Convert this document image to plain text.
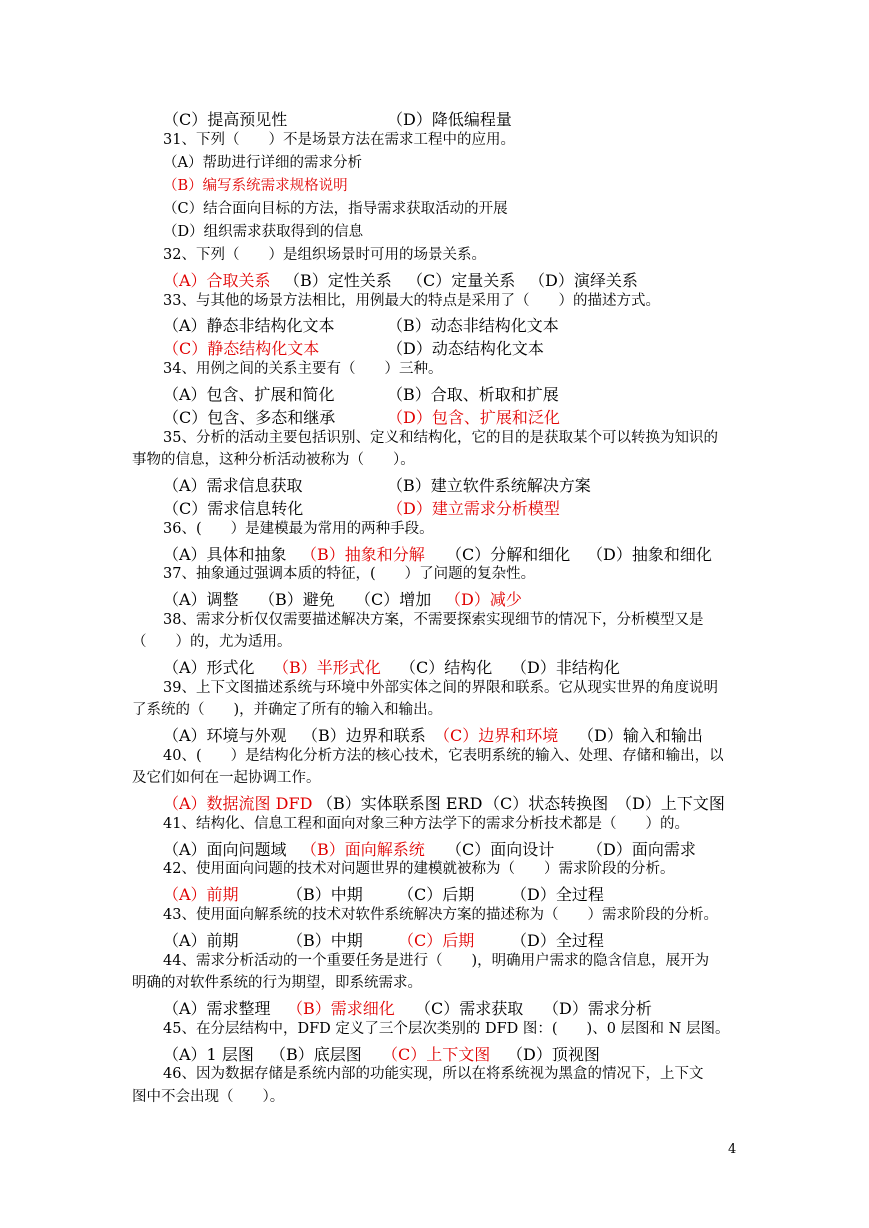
（C）提高预见性	（D）降低编程量
31、下列（　　）不是场景方法在需求工程中的应用。
（A）帮助进行详细的需求分析
（B）编写系统需求规格说明
（C）结合面向目标的方法，指导需求获取活动的开展
（D）组织需求获取得到的信息
32、下列（　　）是组织场景时可用的场景关系。
（A）合取关系 （B）定性关系 （C）定量关系 （D）演绎关系
33、与其他的场景方法相比，用例最大的特点是采用了（　　）的描述方式。
（A）静态非结构化文本	（B）动态非结构化文本
（C）静态结构化文本	（D）动态结构化文本
34、用例之间的关系主要有（　　）三种。
（A）包含、扩展和简化	（B）合取、析取和扩展
（C）包含、多态和继承	（D）包含、扩展和泛化
35、分析的活动主要包括识别、定义和结构化，它的目的是获取某个可以转换为知识的
事物的信息，这种分析活动被称为（　　）。
（A）需求信息获取	（B）建立软件系统解决方案
（C）需求信息转化	（D）建立需求分析模型
36、(　　）是建模最为常用的两种手段。
（A）具体和抽象 （B）抽象和分解 （C）分解和细化 （D）抽象和细化
37、抽象通过强调本质的特征，(　　）了问题的复杂性。
（A）调整 （B）避免 （C）增加 （D）减少
38、需求分析仅仅需要描述解决方案，不需要探索实现细节的情况下，分析模型又是
（　　）的，尤为适用。
（A）形式化 （B）半形式化 （C）结构化 （D）非结构化
39、上下文图描述系统与环境中外部实体之间的界限和联系。它从现实世界的角度说明
了系统的（　　)，并确定了所有的输入和输出。
（A）环境与外观 （B）边界和联系 （C）边界和环境 （D）输入和输出
40、(　　）是结构化分析方法的核心技术，它表明系统的输入、处理、存储和输出，以
及它们如何在一起协调工作。
（A）数据流图 DFD （B）实体联系图 ERD （C）状态转换图 （D）上下文图
41、结构化、信息工程和面向对象三种方法学下的需求分析技术都是（　　）的。
（A）面向问题域 （B）面向解系统 （C）面向设计 （D）面向需求
42、使用面向问题的技术对问题世界的建模就被称为（　　）需求阶段的分析。
（A）前期	（B）中期 （C）后期 （D）全过程
43、使用面向解系统的技术对软件系统解决方案的描述称为（　　）需求阶段的分析。
（A）前期	（B）中期 （C）后期 （D）全过程
44、需求分析活动的一个重要任务是进行（　　)，明确用户需求的隐含信息，展开为
明确的对软件系统的行为期望，即系统需求。
（A）需求整理 （B）需求细化 （C）需求获取 （D）需求分析
45、在分层结构中，DFD 定义了三个层次类别的 DFD 图：(　　)、0 层图和 N 层图。
（A）1 层图 （B）底层图 （C）上下文图 （D）顶视图
46、因为数据存储是系统内部的功能实现，所以在将系统视为黑盒的情况下，上下文
图中不会出现（　　）。
4
